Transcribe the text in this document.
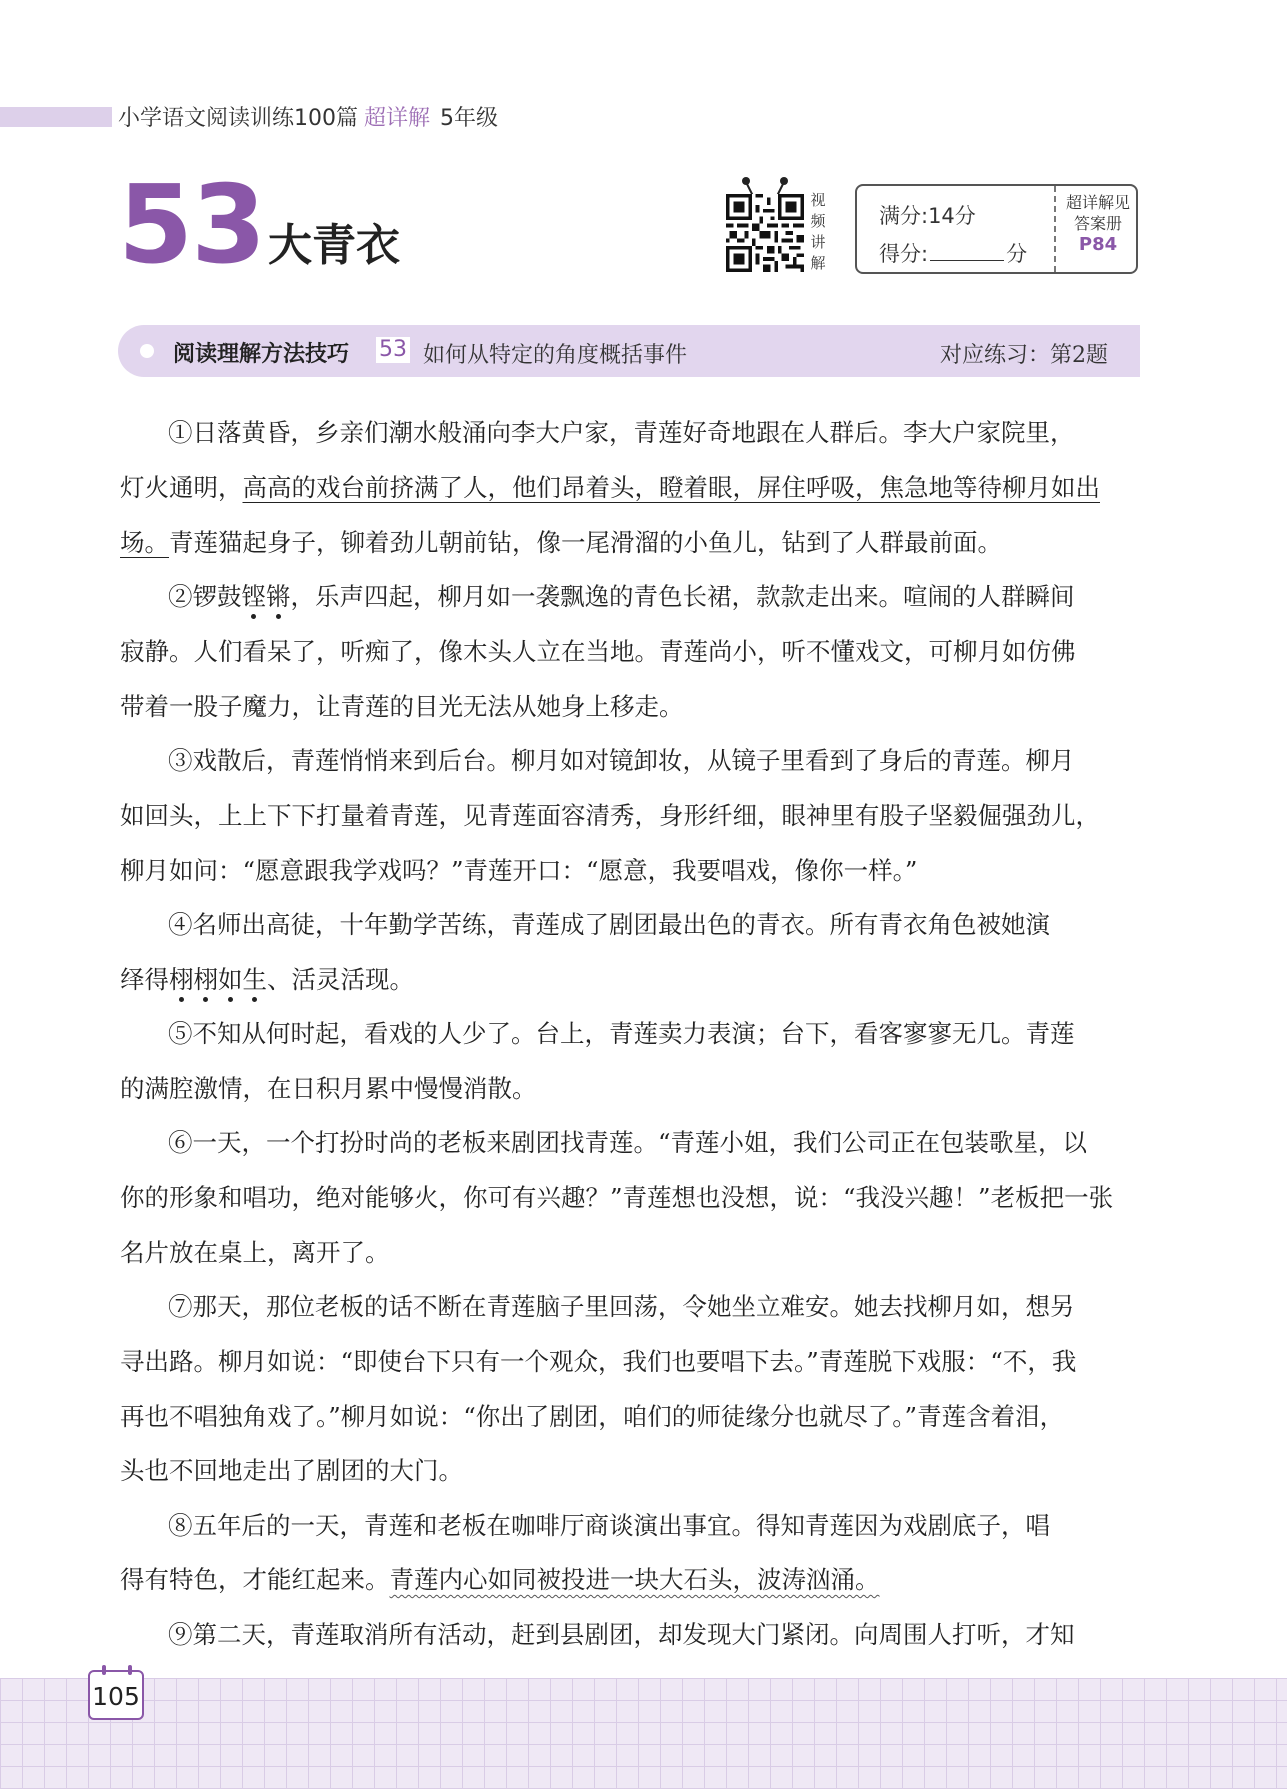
小学语文阅读训练100篇 超详解 5年级
53 大青衣
视
频
讲
解
满分:14分
得分:	分
超详解见
答案册
P84
阅读理解方法技巧 53 如何从特定的角度概括事件	对应练习：第2题
①日落黄昏，乡亲们潮水般涌向李大户家，青莲好奇地跟在人群后。李大户家院里，
灯火通明，高高的戏台前挤满了人，他们昂着头，瞪着眼，屏住呼吸，焦急地等待柳月如出
场。青莲猫起身子，铆着劲儿朝前钻，像一尾滑溜的小鱼儿，钻到了人群最前面。
②锣鼓铿锵，乐声四起，柳月如一袭飘逸的青色长裙，款款走出来。喧闹的人群瞬间
寂静。人们看呆了，听痴了，像木头人立在当地。青莲尚小，听不懂戏文，可柳月如仿佛
带着一股子魔力，让青莲的目光无法从她身上移走。
③戏散后，青莲悄悄来到后台。柳月如对镜卸妆，从镜子里看到了身后的青莲。柳月
如回头，上上下下打量着青莲，见青莲面容清秀，身形纤细，眼神里有股子坚毅倔强劲儿，
柳月如问：“愿意跟我学戏吗？”青莲开口：“愿意，我要唱戏，像你一样。”
④名师出高徒，十年勤学苦练，青莲成了剧团最出色的青衣。所有青衣角色被她演
绎得栩栩如生、活灵活现。
⑤不知从何时起，看戏的人少了。台上，青莲卖力表演；台下，看客寥寥无几。青莲
的满腔激情，在日积月累中慢慢消散。
⑥一天，一个打扮时尚的老板来剧团找青莲。“青莲小姐，我们公司正在包装歌星，以
你的形象和唱功，绝对能够火，你可有兴趣？”青莲想也没想，说：“我没兴趣！”老板把一张
名片放在桌上，离开了。
⑦那天，那位老板的话不断在青莲脑子里回荡，令她坐立难安。她去找柳月如，想另
寻出路。柳月如说：“即使台下只有一个观众，我们也要唱下去。”青莲脱下戏服：“不，我
再也不唱独角戏了。”柳月如说：“你出了剧团，咱们的师徒缘分也就尽了。”青莲含着泪，
头也不回地走出了剧团的大门。
⑧五年后的一天，青莲和老板在咖啡厅商谈演出事宜。得知青莲因为戏剧底子，唱
得有特色，才能红起来。青莲内心如同被投进一块大石头，波涛汹涌。
⑨第二天，青莲取消所有活动，赶到县剧团，却发现大门紧闭。向周围人打听，才知
105
